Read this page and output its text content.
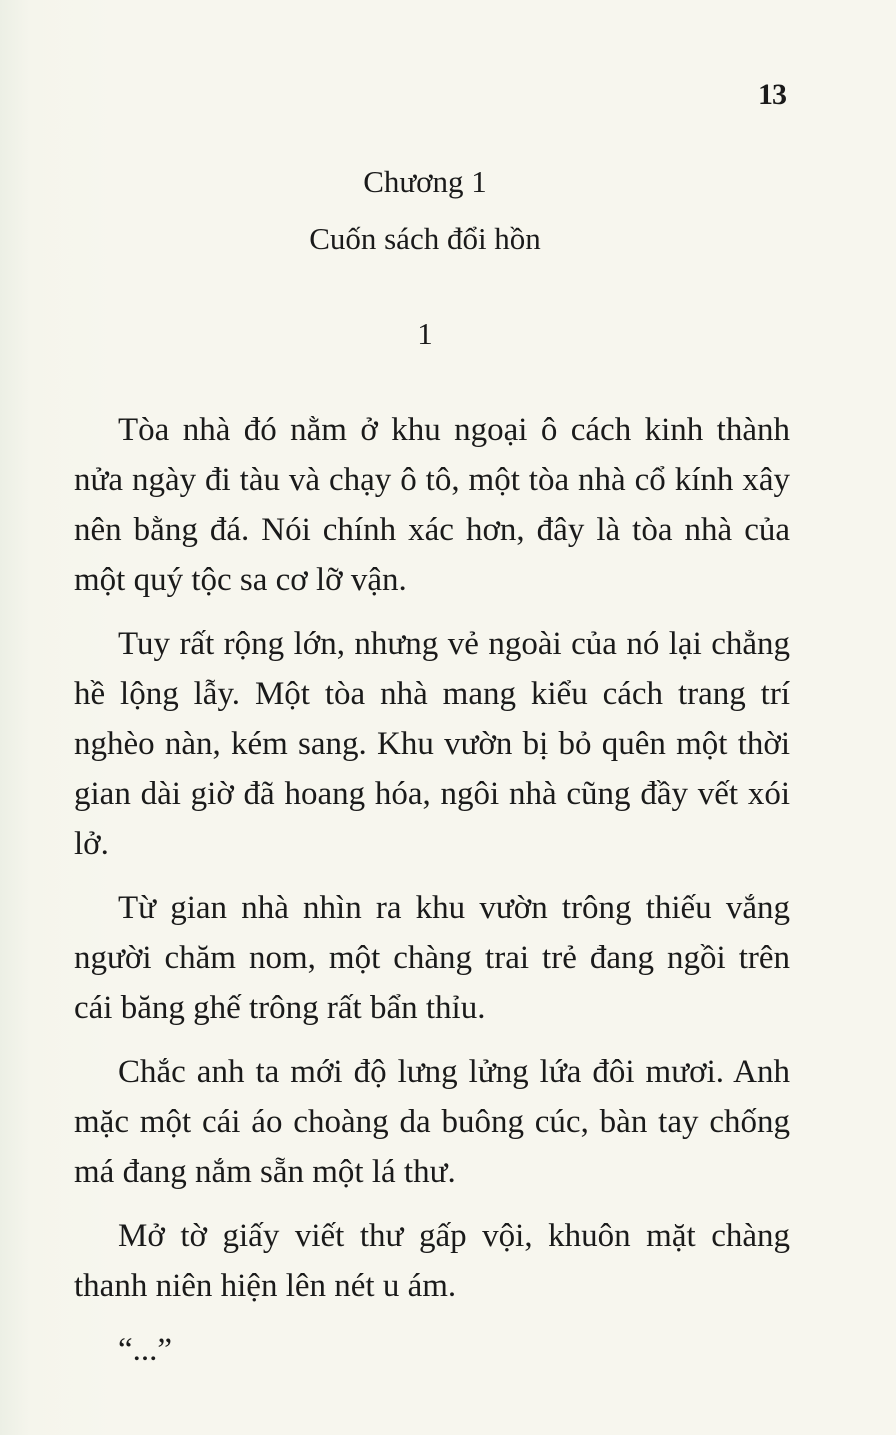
13
Chương 1
Cuốn sách đổi hồn
1

Tòa nhà đó nằm ở khu ngoại ô cách kinh thành nửa ngày đi tàu và chạy ô tô, một tòa nhà cổ kính xây nên bằng đá. Nói chính xác hơn, đây là tòa nhà của một quý tộc sa cơ lỡ vận.

Tuy rất rộng lớn, nhưng vẻ ngoài của nó lại chẳng hề lộng lẫy. Một tòa nhà mang kiểu cách trang trí nghèo nàn, kém sang. Khu vườn bị bỏ quên một thời gian dài giờ đã hoang hóa, ngôi nhà cũng đầy vết xói lở.

Từ gian nhà nhìn ra khu vườn trông thiếu vắng người chăm nom, một chàng trai trẻ đang ngồi trên cái băng ghế trông rất bẩn thỉu.

Chắc anh ta mới độ lưng lửng lứa đôi mươi. Anh mặc một cái áo choàng da buông cúc, bàn tay chống má đang nắm sẵn một lá thư.

Mở tờ giấy viết thư gấp vội, khuôn mặt chàng thanh niên hiện lên nét u ám.

“...”
